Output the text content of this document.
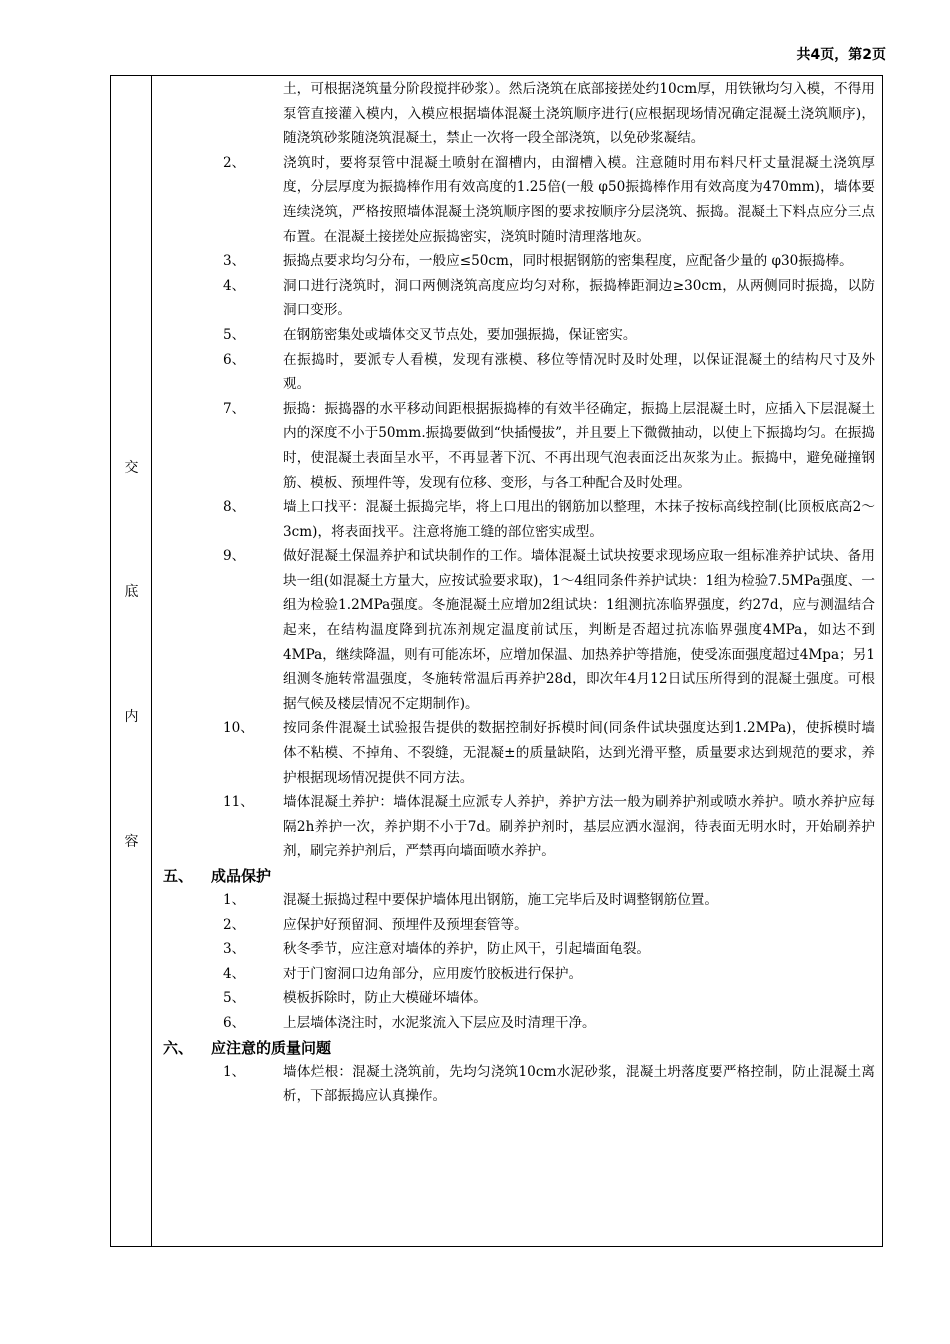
共4页，第2页
交
底
内
容
土，可根据浇筑量分阶段搅拌砂浆）。然后浇筑在底部接搓处约10cm厚，用铁锹均匀入模，不得用泵管直接灌入模内，入模应根据墙体混凝土浇筑顺序进行(应根据现场情况确定混凝土浇筑顺序)，随浇筑砂浆随浇筑混凝土，禁止一次将一段全部浇筑，以免砂浆凝结。
2、	浇筑时，要将泵管中混凝土喷射在溜槽内，由溜槽入模。注意随时用布料尺杆丈量混凝土浇筑厚度，分层厚度为振捣棒作用有效高度的1.25倍(一般 φ50振捣棒作用有效高度为470mm)，墙体要连续浇筑，严格按照墙体混凝土浇筑顺序图的要求按顺序分层浇筑、振捣。混凝土下料点应分三点布置。在混凝土接搓处应振捣密实，浇筑时随时清理落地灰。
3、	振捣点要求均匀分布，一般应≤50cm，同时根据钢筋的密集程度，应配备少量的 φ30振捣棒。
4、	洞口进行浇筑时，洞口两侧浇筑高度应均匀对称，振捣棒距洞边≥30cm，从两侧同时振捣，以防洞口变形。
5、	在钢筋密集处或墙体交叉节点处，要加强振捣，保证密实。
6、	在振捣时，要派专人看模，发现有涨模、移位等情况时及时处理，以保证混凝土的结构尺寸及外观。
7、	振捣：振捣器的水平移动间距根据振捣棒的有效半径确定，振捣上层混凝土时，应插入下层混凝土内的深度不小于50mm.振捣要做到“快插慢拔”，并且要上下微微抽动，以使上下振捣均匀。在振捣时，使混凝土表面呈水平，不再显著下沉、不再出现气泡表面泛出灰浆为止。振捣中，避免碰撞钢筋、模板、预埋件等，发现有位移、变形，与各工种配合及时处理。
8、	墙上口找平：混凝土振捣完毕，将上口甩出的钢筋加以整理，木抹子按标高线控制(比顶板底高2～3cm)，将表面找平。注意将施工缝的部位密实成型。
9、	做好混凝土保温养护和试块制作的工作。墙体混凝土试块按要求现场应取一组标准养护试块、备用块一组(如混凝土方量大，应按试验要求取)，1～4组同条件养护试块：1组为检验7.5MPa强度、一组为检验1.2MPa强度。冬施混凝土应增加2组试块：1组测抗冻临界强度，约27d，应与测温结合起来，在结构温度降到抗冻剂规定温度前试压，判断是否超过抗冻临界强度4MPa，如达不到4MPa，继续降温，则有可能冻坏，应增加保温、加热养护等措施，使受冻面强度超过4Mpa；另1组测冬施转常温强度，冬施转常温后再养护28d，即次年4月12日试压所得到的混凝土强度。可根据气候及楼层情况不定期制作)。
10、 按同条件混凝土试验报告提供的数据控制好拆模时间(同条件试块强度达到1.2MPa)，使拆模时墙体不粘模、不掉角、不裂缝，无混凝±的质量缺陷，达到光滑平整，质量要求达到规范的要求，养护根据现场情况提供不同方法。
11、 墙体混凝土养护：墙体混凝土应派专人养护，养护方法一般为刷养护剂或喷水养护。喷水养护应每隔2h养护一次，养护期不小于7d。刷养护剂时，基层应洒水湿润，待表面无明水时，开始刷养护剂，刷完养护剂后，严禁再向墙面喷水养护。
五、 成品保护
1、	混凝土振捣过程中要保护墙体甩出钢筋，施工完毕后及时调整钢筋位置。
2、	应保护好预留洞、预埋件及预埋套管等。
3、	秋冬季节，应注意对墙体的养护，防止风干，引起墙面龟裂。
4、	对于门窗洞口边角部分，应用废竹胶板进行保护。
5、	模板拆除时，防止大模碰坏墙体。
6、	上层墙体浇注时，水泥浆流入下层应及时清理干净。
六、 应注意的质量问题
1、	墙体烂根：混凝土浇筑前，先均匀浇筑10cm水泥砂浆，混凝土坍落度要严格控制，防止混凝土离析，下部振捣应认真操作。
